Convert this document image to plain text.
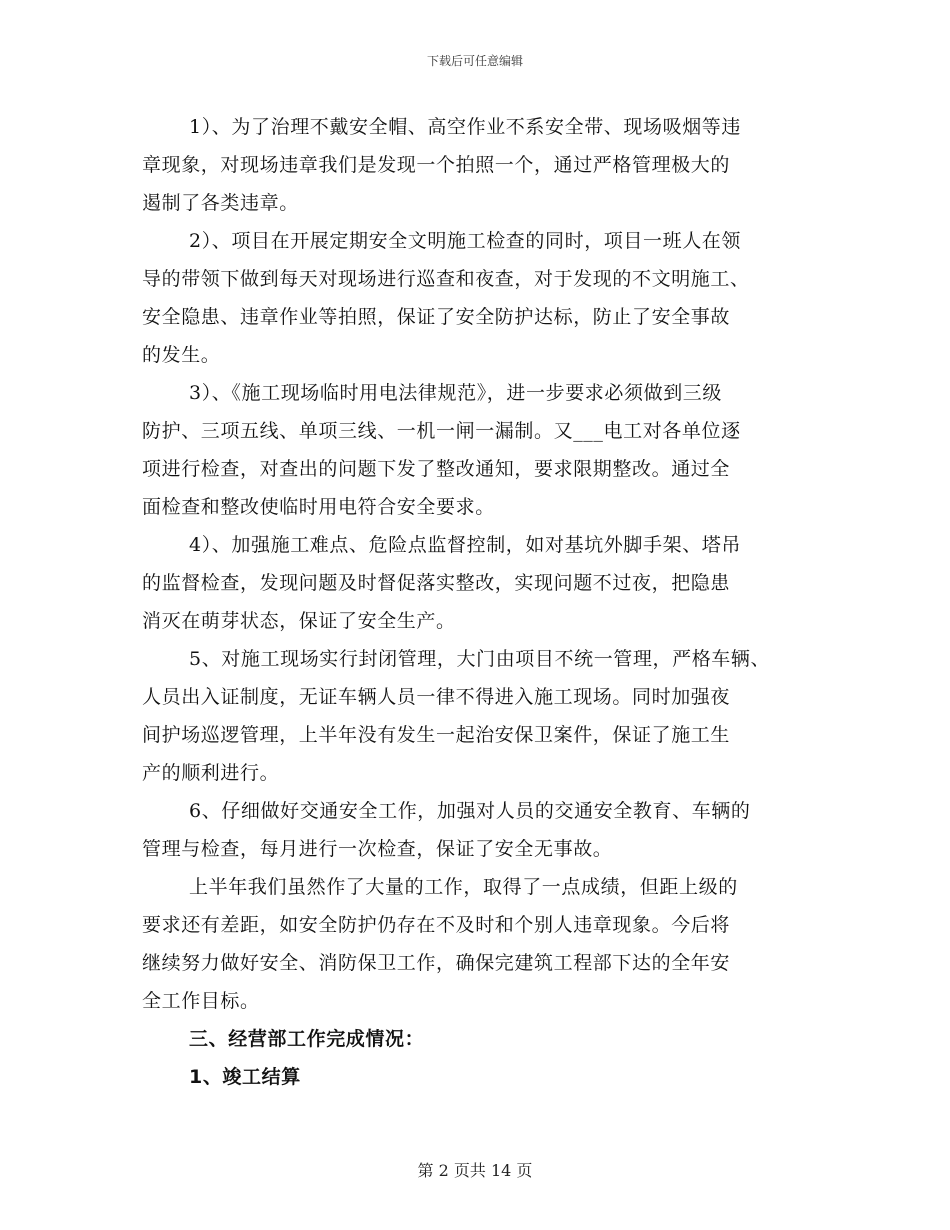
下载后可任意编辑
1）、为了治理不戴安全帽、高空作业不系安全带、现场吸烟等违
章现象，对现场违章我们是发现一个拍照一个，通过严格管理极大的
遏制了各类违章。
2）、项目在开展定期安全文明施工检查的同时，项目一班人在领
导的带领下做到每天对现场进行巡查和夜查，对于发现的不文明施工、
安全隐患、违章作业等拍照，保证了安全防护达标，防止了安全事故
的发生。
3）、《施工现场临时用电法律规范》，进一步要求必须做到三级
防护、三项五线、单项三线、一机一闸一漏制。又___电工对各单位逐
项进行检查，对查出的问题下发了整改通知，要求限期整改。通过全
面检查和整改使临时用电符合安全要求。
4）、加强施工难点、危险点监督控制，如对基坑外脚手架、塔吊
的监督检查，发现问题及时督促落实整改，实现问题不过夜，把隐患
消灭在萌芽状态，保证了安全生产。
5、对施工现场实行封闭管理，大门由项目不统一管理，严格车辆、
人员出入证制度，无证车辆人员一律不得进入施工现场。同时加强夜
间护场巡逻管理，上半年没有发生一起治安保卫案件，保证了施工生
产的顺利进行。
6、仔细做好交通安全工作，加强对人员的交通安全教育、车辆的
管理与检查，每月进行一次检查，保证了安全无事故。
上半年我们虽然作了大量的工作，取得了一点成绩，但距上级的
要求还有差距，如安全防护仍存在不及时和个别人违章现象。今后将
继续努力做好安全、消防保卫工作，确保完建筑工程部下达的全年安
全工作目标。
三、经营部工作完成情况：
1、竣工结算
第 2 页共 14 页
